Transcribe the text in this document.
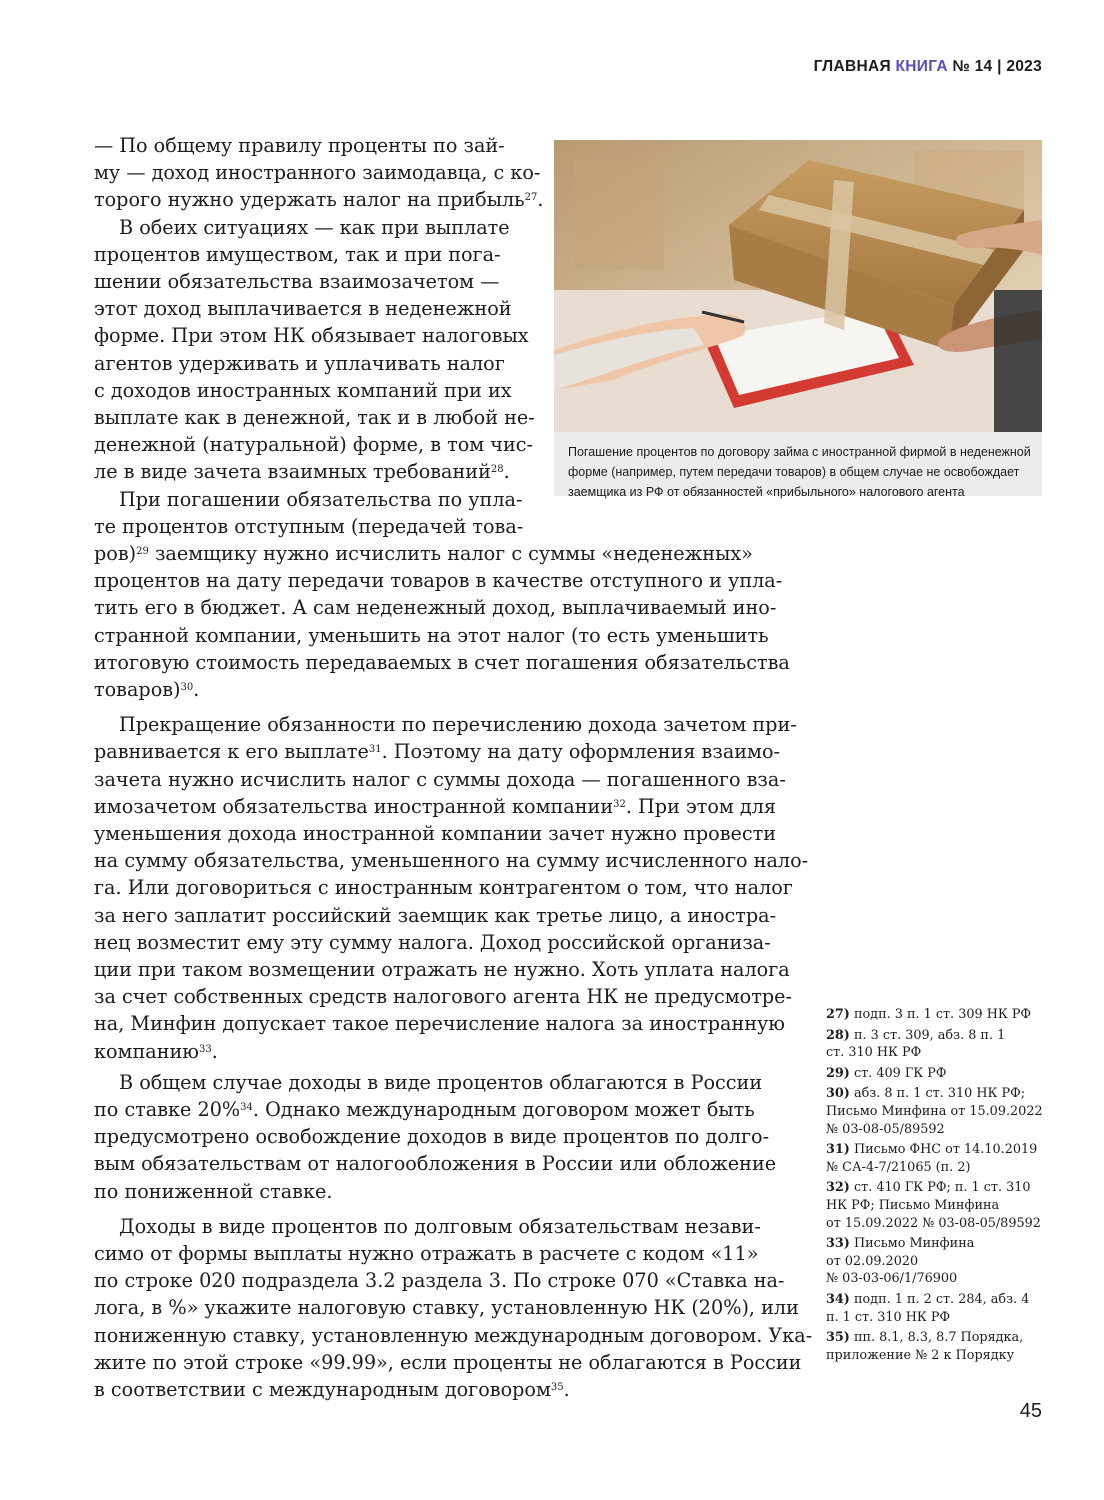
ГЛАВНАЯ КНИГА № 14 | 2023
— По общему правилу проценты по зай-
му — доход иностранного заимодавца, с ко-
торого нужно удержать налог на прибыль$^{27}$.
В обеих ситуациях — как при выплате
процентов имуществом, так и при пога-
шении обязательства взаимозачетом —
этот доход выплачивается в неденежной
форме. При этом НК обязывает налоговых
агентов удерживать и уплачивать налог
с доходов иностранных компаний при их
выплате как в денежной, так и в любой не-
денежной (натуральной) форме, в том чис-
ле в виде зачета взаимных требований$^{28}$.
При погашении обязательства по упла-
те процентов отступным (передачей това-
Погашение процентов по договору займа с иностранной фирмой в неденежной
форме (например, путем передачи товаров) в общем случае не освобождает
заемщика из РФ от обязанностей «прибыльного» налогового агента
ров)$^{29}$ заемщику нужно исчислить налог с суммы «неденежных»
процентов на дату передачи товаров в качестве отступного и упла-
тить его в бюджет. А сам неденежный доход, выплачиваемый ино-
странной компании, уменьшить на этот налог (то есть уменьшить
итоговую стоимость передаваемых в счет погашения обязательства
товаров)$^{30}$.
Прекращение обязанности по перечислению дохода зачетом при-
равнивается к его выплате$^{31}$. Поэтому на дату оформления взаимо-
зачета нужно исчислить налог с суммы дохода — погашенного вза-
имозачетом обязательства иностранной компании$^{32}$. При этом для
уменьшения дохода иностранной компании зачет нужно провести
на сумму обязательства, уменьшенного на сумму исчисленного нало-
га. Или договориться с иностранным контрагентом о том, что налог
за него заплатит российский заемщик как третье лицо, а иностра-
нец возместит ему эту сумму налога. Доход российской организа-
ции при таком возмещении отражать не нужно. Хоть уплата налога
за счет собственных средств налогового агента НК не предусмотре-
на, Минфин допускает такое перечисление налога за иностранную
компанию$^{33}$.
В общем случае доходы в виде процентов облагаются в России
по ставке 20%$^{34}$. Однако международным договором может быть
предусмотрено освобождение доходов в виде процентов по долго-
вым обязательствам от налогообложения в России или обложение
по пониженной ставке.
Доходы в виде процентов по долговым обязательствам незави-
симо от формы выплаты нужно отражать в расчете с кодом «11»
по строке 020 подраздела 3.2 раздела 3. По строке 070 «Ставка на-
лога, в %» укажите налоговую ставку, установленную НК (20%), или
пониженную ставку, установленную международным договором. Ука-
жите по этой строке «99.99», если проценты не облагаются в России
в соответствии с международным договором$^{35}$.
27) подп. 3 п. 1 ст. 309 НК РФ
28) п. 3 ст. 309, абз. 8 п. 1
ст. 310 НК РФ
29) ст. 409 ГК РФ
30) абз. 8 п. 1 ст. 310 НК РФ;
Письмо Минфина от 15.09.2022
№ 03-08-05/89592
31) Письмо ФНС от 14.10.2019
№ СА-4-7/21065 (п. 2)
32) ст. 410 ГК РФ; п. 1 ст. 310
НК РФ; Письмо Минфина
от 15.09.2022 № 03-08-05/89592
33) Письмо Минфина
от 02.09.2020
№ 03-03-06/1/76900
34) подп. 1 п. 2 ст. 284, абз. 4
п. 1 ст. 310 НК РФ
35) пп. 8.1, 8.3, 8.7 Порядка,
приложение № 2 к Порядку
45
